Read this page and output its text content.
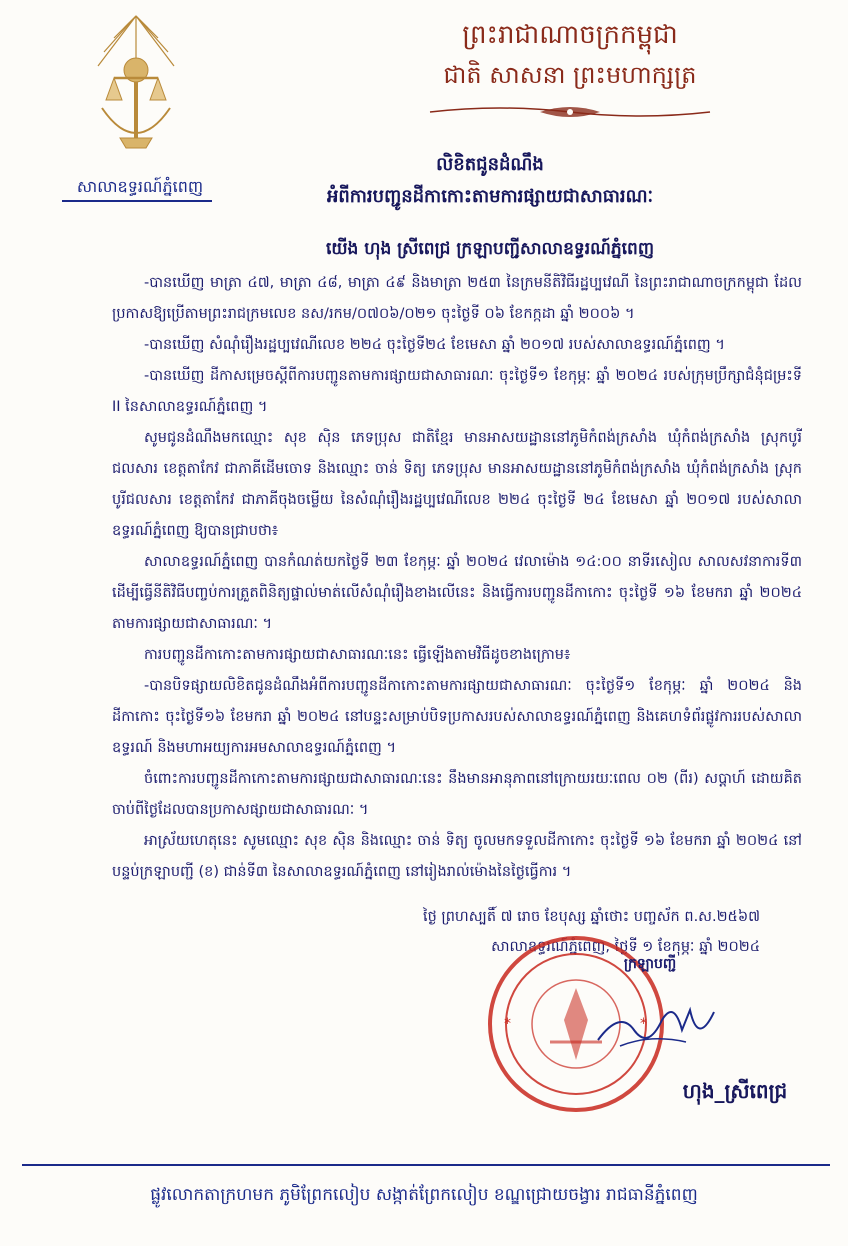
សាលាឧទ្ធរណ៍ភ្នំពេញ
ព្រះរាជាណាចក្រកម្ពុជា
ជាតិ សាសនា ព្រះមហាក្សត្រ
លិខិតជូនដំណឹង
អំពីការបញ្ជូនដីកាកោះតាមការផ្សាយជាសាធារណៈ
យើង ហុង ស្រីពេជ្រ ក្រឡាបញ្ជីសាលាឧទ្ធរណ៍ភ្នំពេញ

-បានឃើញ មាត្រា ៤៧, មាត្រា ៤៨, មាត្រា ៤៩ និងមាត្រា ២៥៣ នៃក្រមនីតិវិធីរដ្ឋប្បវេណី នៃព្រះរាជាណាចក្រកម្ពុជា ដែលប្រកាសឱ្យប្រើតាមព្រះរាជក្រមលេខ នស/រកម/០៧០៦/០២១ ចុះថ្ងៃទី ០៦ ខែកក្កដា ឆ្នាំ ២០០៦ ។

-បានឃើញ សំណុំរឿងរដ្ឋប្បវេណីលេខ ២២៤ ចុះថ្ងៃទី២៤ ខែមេសា ឆ្នាំ ២០១៧ របស់សាលាឧទ្ធរណ៍ភ្នំពេញ ។

-បានឃើញ ដីកាសម្រេចស្ដីពីការបញ្ជូនតាមការផ្សាយជាសាធារណៈ ចុះថ្ងៃទី១ ខែកុម្ភៈ ឆ្នាំ ២០២៤ របស់ក្រុមប្រឹក្សាជំនុំជម្រះទី II នៃសាលាឧទ្ធរណ៍ភ្នំពេញ ។

សូមជូនដំណឹងមកឈ្មោះ សុខ ស៊ិន ភេទប្រុស ជាតិខ្មែរ មានអាសយដ្ឋាននៅភូមិកំពង់ក្រសាំង ឃុំកំពង់ក្រសាំង ស្រុកបូរីជលសារ ខេត្តតាកែវ ជាភាគីដើមចោទ និងឈ្មោះ ចាន់ ទិត្យ ភេទប្រុស មានអាសយដ្ឋាននៅភូមិកំពង់ក្រសាំង ឃុំកំពង់ក្រសាំង ស្រុកបូរីជលសារ ខេត្តតាកែវ ជាភាគីចុងចម្លើយ នៃសំណុំរឿងរដ្ឋប្បវេណីលេខ ២២៤ ចុះថ្ងៃទី ២៤ ខែមេសា ឆ្នាំ ២០១៧ របស់សាលាឧទ្ធរណ៍ភ្នំពេញ ឱ្យបានជ្រាបថា៖

សាលាឧទ្ធរណ៍ភ្នំពេញ បានកំណត់យកថ្ងៃទី ២៣ ខែកុម្ភៈ ឆ្នាំ ២០២៤ វេលាម៉ោង ១៤:០០ នាទីរសៀល សាលសវនាការទី៣ ដើម្បីធ្វើនីតិវិធីបញ្ចប់ការត្រួតពិនិត្យផ្ទាល់មាត់លើសំណុំរឿងខាងលើនេះ និងធ្វើការបញ្ជូនដីកាកោះ ចុះថ្ងៃទី ១៦ ខែមករា ឆ្នាំ ២០២៤ តាមការផ្សាយជាសាធារណៈ ។

ការបញ្ជូនដីកាកោះតាមការផ្សាយជាសាធារណៈនេះ ធ្វើឡើងតាមវិធីដូចខាងក្រោម៖

-បានបិទផ្សាយលិខិតជូនដំណឹងអំពីការបញ្ជូនដីកាកោះតាមការផ្សាយជាសាធារណៈ ចុះថ្ងៃទី១ ខែកុម្ភៈ ឆ្នាំ ២០២៤ និងដីកាកោះ ចុះថ្ងៃទី១៦ ខែមករា ឆ្នាំ ២០២៤ នៅបន្ទះសម្រាប់បិទប្រកាសរបស់សាលាឧទ្ធរណ៍ភ្នំពេញ និងគេហទំព័រផ្លូវការរបស់សាលាឧទ្ធរណ៍ និងមហាអយ្យការអមសាលាឧទ្ធរណ៍ភ្នំពេញ ។

ចំពោះការបញ្ជូនដីកាកោះតាមការផ្សាយជាសាធារណៈនេះ នឹងមានអានុភាពនៅក្រោយរយៈពេល ០២ (ពីរ) សប្ដាហ៍ ដោយគិតចាប់ពីថ្ងៃដែលបានប្រកាសផ្សាយជាសាធារណៈ ។

អាស្រ័យហេតុនេះ សូមឈ្មោះ សុខ ស៊ិន និងឈ្មោះ ចាន់ ទិត្យ ចូលមកទទួលដីកាកោះ ចុះថ្ងៃទី ១៦ ខែមករា ឆ្នាំ ២០២៤ នៅបន្ទប់ក្រឡាបញ្ជី (ខ) ជាន់ទី៣ នៃសាលាឧទ្ធរណ៍ភ្នំពេញ នៅរៀងរាល់ម៉ោងនៃថ្ងៃធ្វើការ ។

ថ្ងៃ ព្រហស្បតិ៍ ៧ រោច ខែបុស្ស ឆ្នាំថោះ បញ្ចស័ក ព.ស.២៥៦៧
សាលាឧទ្ធរណ៍ភ្នំពេញ, ថ្ងៃទី ១ ខែកុម្ភៈ ឆ្នាំ ២០២៤
*	*
ក្រឡាបញ្ជី
ហុង_ស្រីពេជ្រ
ផ្លូវលោកតាក្រហមក ភូមិព្រែកលៀប សង្កាត់ព្រែកលៀប ខណ្ឌជ្រោយចង្វារ រាជធានីភ្នំពេញ
